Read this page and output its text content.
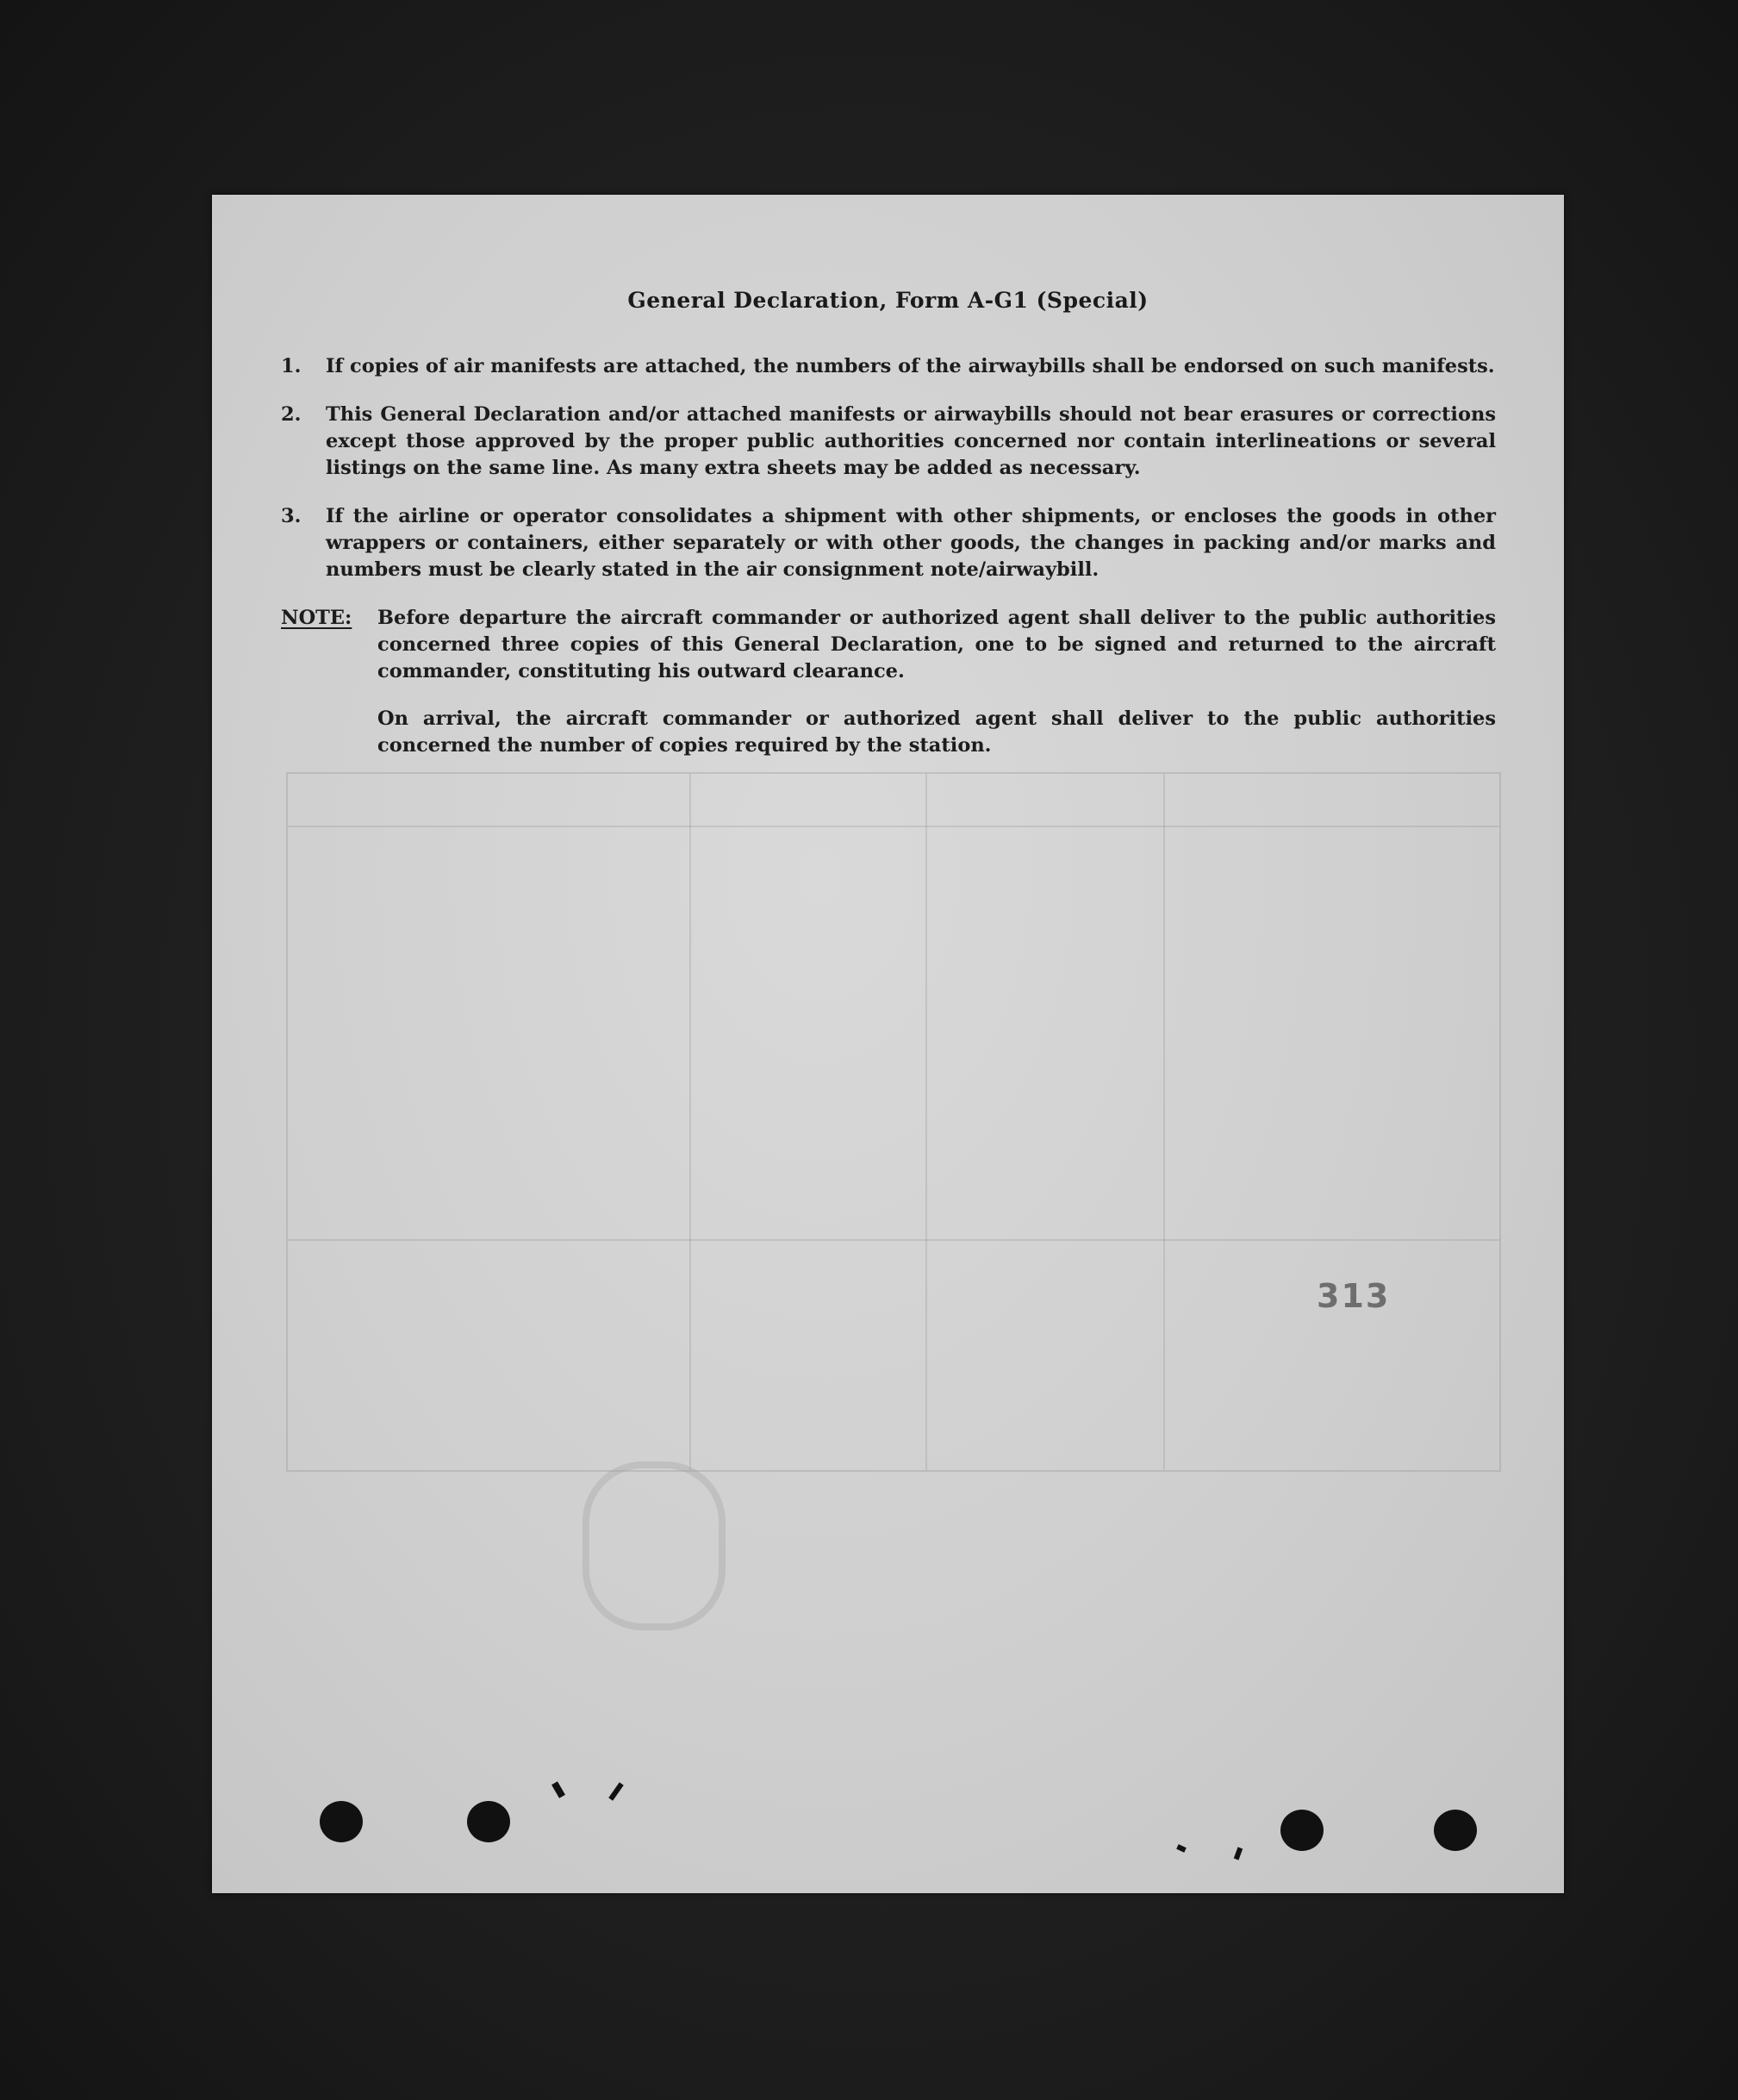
General Declaration, Form A-G1 (Special)
1.	If copies of air manifests are attached, the numbers of the airwaybills shall be endorsed on such manifests.
2.	This General Declaration and/or attached manifests or airwaybills should not bear erasures or corrections except those approved by the proper public authorities concerned nor contain interlineations or several listings on the same line. As many extra sheets may be added as necessary.
3.	If the airline or operator consolidates a shipment with other shipments, or encloses the goods in other wrappers or containers, either separately or with other goods, the changes in packing and/or marks and numbers must be clearly stated in the air consignment note/airwaybill.
NOTE: Before departure the aircraft commander or authorized agent shall deliver to the public authorities concerned three copies of this General Declaration, one to be signed and returned to the aircraft commander, constituting his outward clearance.
On arrival, the aircraft commander or authorized agent shall deliver to the public authorities concerned the number of copies required by the station.
313
